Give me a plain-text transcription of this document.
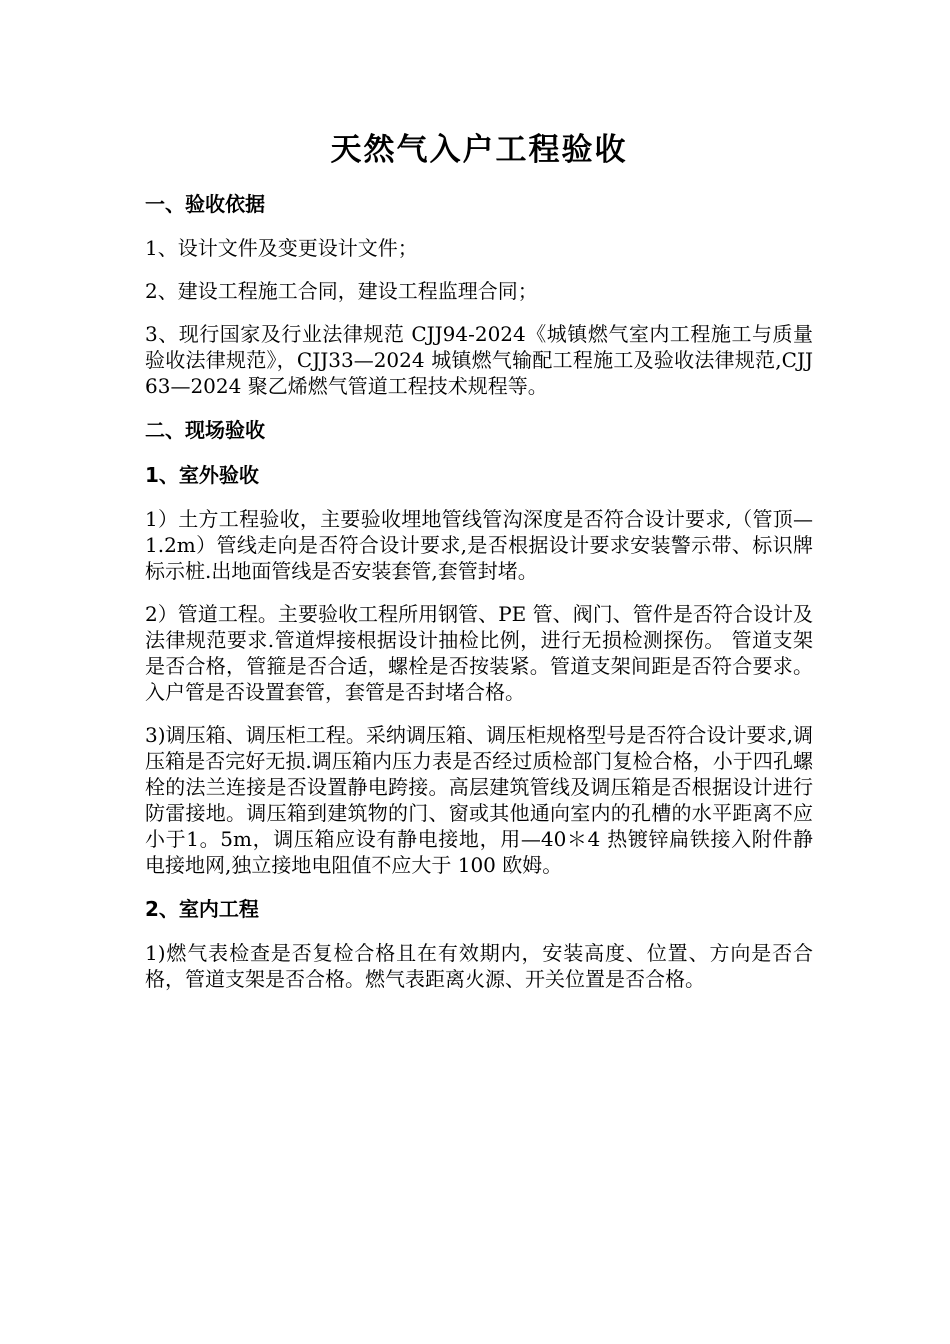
天然气入户工程验收
一、验收依据

1、设计文件及变更设计文件；

2、建设工程施工合同，建设工程监理合同；

3、现行国家及行业法律规范 CJJ94-2024《城镇燃气室内工程施工与质量验收法律规范》，CJJ33—2024 城镇燃气输配工程施工及验收法律规范,CJJ 63—2024 聚乙烯燃气管道工程技术规程等。

二、现场验收
1、室外验收

1）土方工程验收，主要验收埋地管线管沟深度是否符合设计要求,（管顶—1.2m）管线走向是否符合设计要求,是否根据设计要求安装警示带、标识牌标示桩.出地面管线是否安装套管,套管封堵。

2）管道工程。主要验收工程所用钢管、PE 管、阀门、管件是否符合设计及法律规范要求.管道焊接根据设计抽检比例，进行无损检测探伤。 管道支架是否合格，管箍是否合适，螺栓是否按装紧。管道支架间距是否符合要求。入户管是否设置套管，套管是否封堵合格。

3)调压箱、调压柜工程。采纳调压箱、调压柜规格型号是否符合设计要求,调压箱是否完好无损.调压箱内压力表是否经过质检部门复检合格，小于四孔螺栓的法兰连接是否设置静电跨接。高层建筑管线及调压箱是否根据设计进行防雷接地。调压箱到建筑物的门、窗或其他通向室内的孔槽的水平距离不应小于1。5m，调压箱应设有静电接地，用—40＊4 热镀锌扁铁接入附件静电接地网,独立接地电阻值不应大于 100 欧姆。

2、室内工程

1)燃气表检查是否复检合格且在有效期内，安装高度、位置、方向是否合格，管道支架是否合格。燃气表距离火源、开关位置是否合格。
